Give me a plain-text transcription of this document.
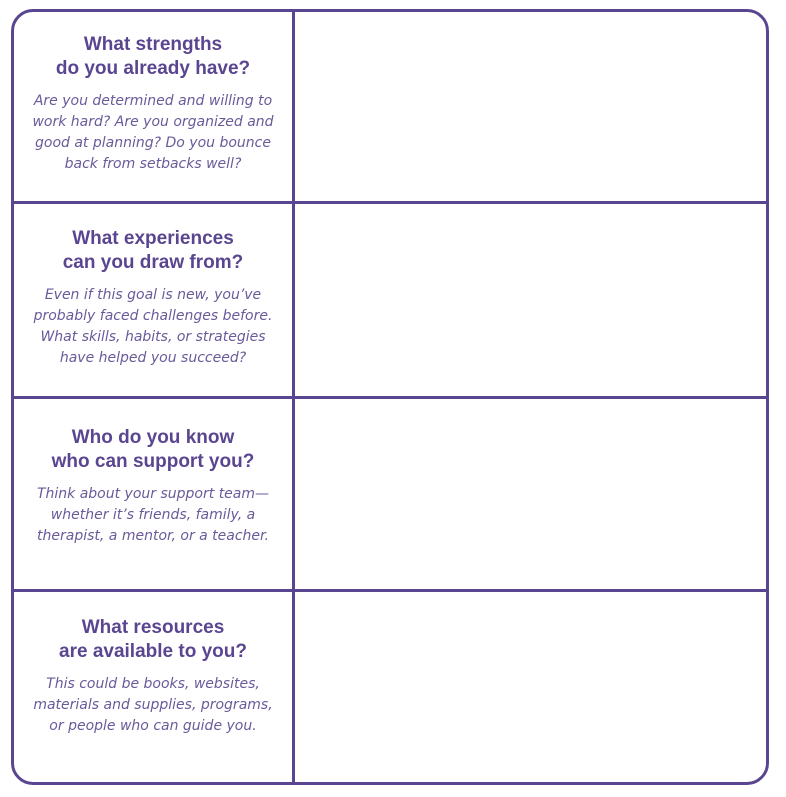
What strengths
do you already have?

Are you determined and willing to work hard? Are you organized and good at planning? Do you bounce back from setbacks well?

What experiences
can you draw from?

Even if this goal is new, you’ve probably faced challenges before. What skills, habits, or strategies have helped you succeed?

Who do you know
who can support you?

Think about your support team—whether it’s friends, family, a therapist, a mentor, or a teacher.

What resources
are available to you?

This could be books, websites, materials and supplies, programs, or people who can guide you.
